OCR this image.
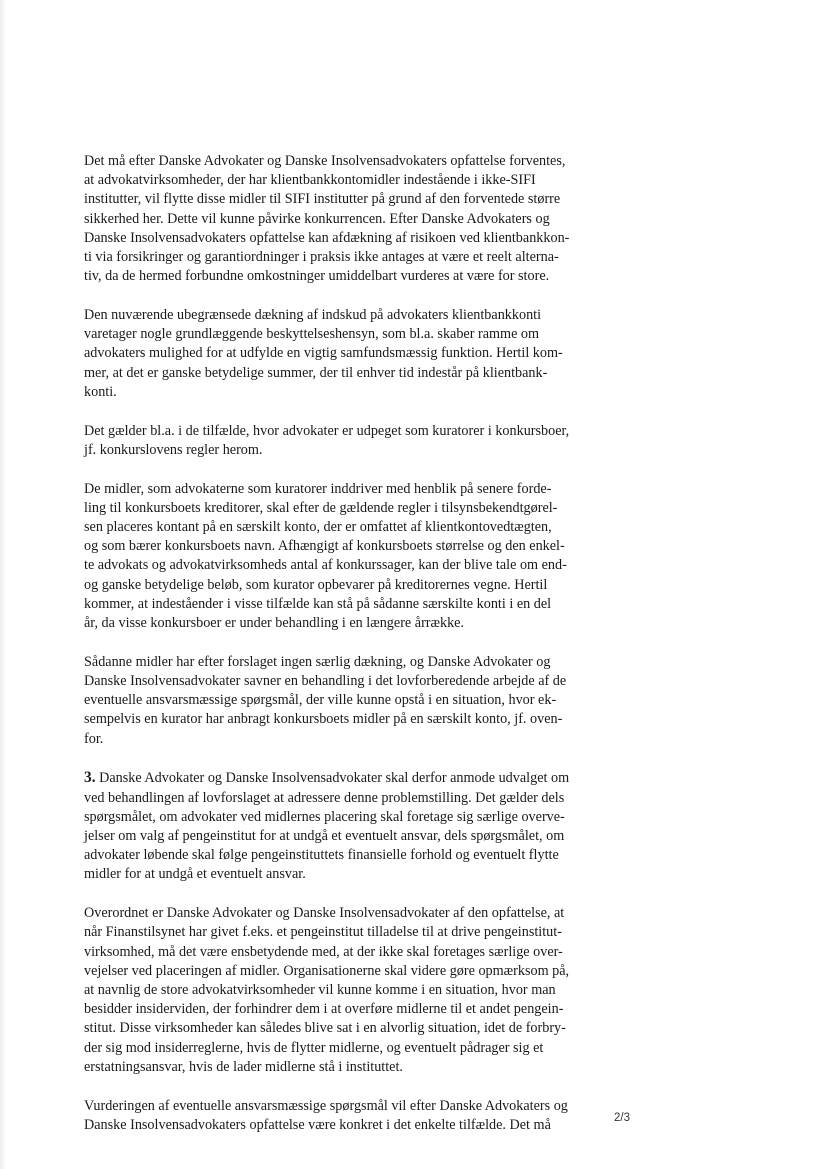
Det må efter Danske Advokater og Danske Insolvensadvokaters opfattelse forventes,
at advokatvirksomheder, der har klientbankkontomidler indestående i ikke-SIFI
institutter, vil flytte disse midler til SIFI institutter på grund af den forventede større
sikkerhed her. Dette vil kunne påvirke konkurrencen. Efter Danske Advokaters og
Danske Insolvensadvokaters opfattelse kan afdækning af risikoen ved klientbankkon-
ti via forsikringer og garantiordninger i praksis ikke antages at være et reelt alterna-
tiv, da de hermed forbundne omkostninger umiddelbart vurderes at være for store.

Den nuværende ubegrænsede dækning af indskud på advokaters klientbankkonti
varetager nogle grundlæggende beskyttelseshensyn, som bl.a. skaber ramme om
advokaters mulighed for at udfylde en vigtig samfundsmæssig funktion. Hertil kom-
mer, at det er ganske betydelige summer, der til enhver tid indestår på klientbank-
konti.

Det gælder bl.a. i de tilfælde, hvor advokater er udpeget som kuratorer i konkursboer,
jf. konkurslovens regler herom.

De midler, som advokaterne som kuratorer inddriver med henblik på senere forde-
ling til konkursboets kreditorer, skal efter de gældende regler i tilsynsbekendtgørel-
sen placeres kontant på en særskilt konto, der er omfattet af klientkontovedtægten,
og som bærer konkursboets navn. Afhængigt af konkursboets størrelse og den enkel-
te advokats og advokatvirksomheds antal af konkurssager, kan der blive tale om end-
og ganske betydelige beløb, som kurator opbevarer på kreditorernes vegne. Hertil
kommer, at indeståender i visse tilfælde kan stå på sådanne særskilte konti i en del
år, da visse konkursboer er under behandling i en længere årrække.

Sådanne midler har efter forslaget ingen særlig dækning, og Danske Advokater og
Danske Insolvensadvokater savner en behandling i det lovforberedende arbejde af de
eventuelle ansvarsmæssige spørgsmål, der ville kunne opstå i en situation, hvor ek-
sempelvis en kurator har anbragt konkursboets midler på en særskilt konto, jf. oven-
for.

3. Danske Advokater og Danske Insolvensadvokater skal derfor anmode udvalget om
ved behandlingen af lovforslaget at adressere denne problemstilling. Det gælder dels
spørgsmålet, om advokater ved midlernes placering skal foretage sig særlige overve-
jelser om valg af pengeinstitut for at undgå et eventuelt ansvar, dels spørgsmålet, om
advokater løbende skal følge pengeinstituttets finansielle forhold og eventuelt flytte
midler for at undgå et eventuelt ansvar.

Overordnet er Danske Advokater og Danske Insolvensadvokater af den opfattelse, at
når Finanstilsynet har givet f.eks. et pengeinstitut tilladelse til at drive pengeinstitut-
virksomhed, må det være ensbetydende med, at der ikke skal foretages særlige over-
vejelser ved placeringen af midler. Organisationerne skal videre gøre opmærksom på,
at navnlig de store advokatvirksomheder vil kunne komme i en situation, hvor man
besidder insiderviden, der forhindrer dem i at overføre midlerne til et andet pengein-
stitut. Disse virksomheder kan således blive sat i en alvorlig situation, idet de forbry-
der sig mod insiderreglerne, hvis de flytter midlerne, og eventuelt pådrager sig et
erstatningsansvar, hvis de lader midlerne stå i instituttet.

Vurderingen af eventuelle ansvarsmæssige spørgsmål vil efter Danske Advokaters og
Danske Insolvensadvokaters opfattelse være konkret i det enkelte tilfælde. Det må	2/3
